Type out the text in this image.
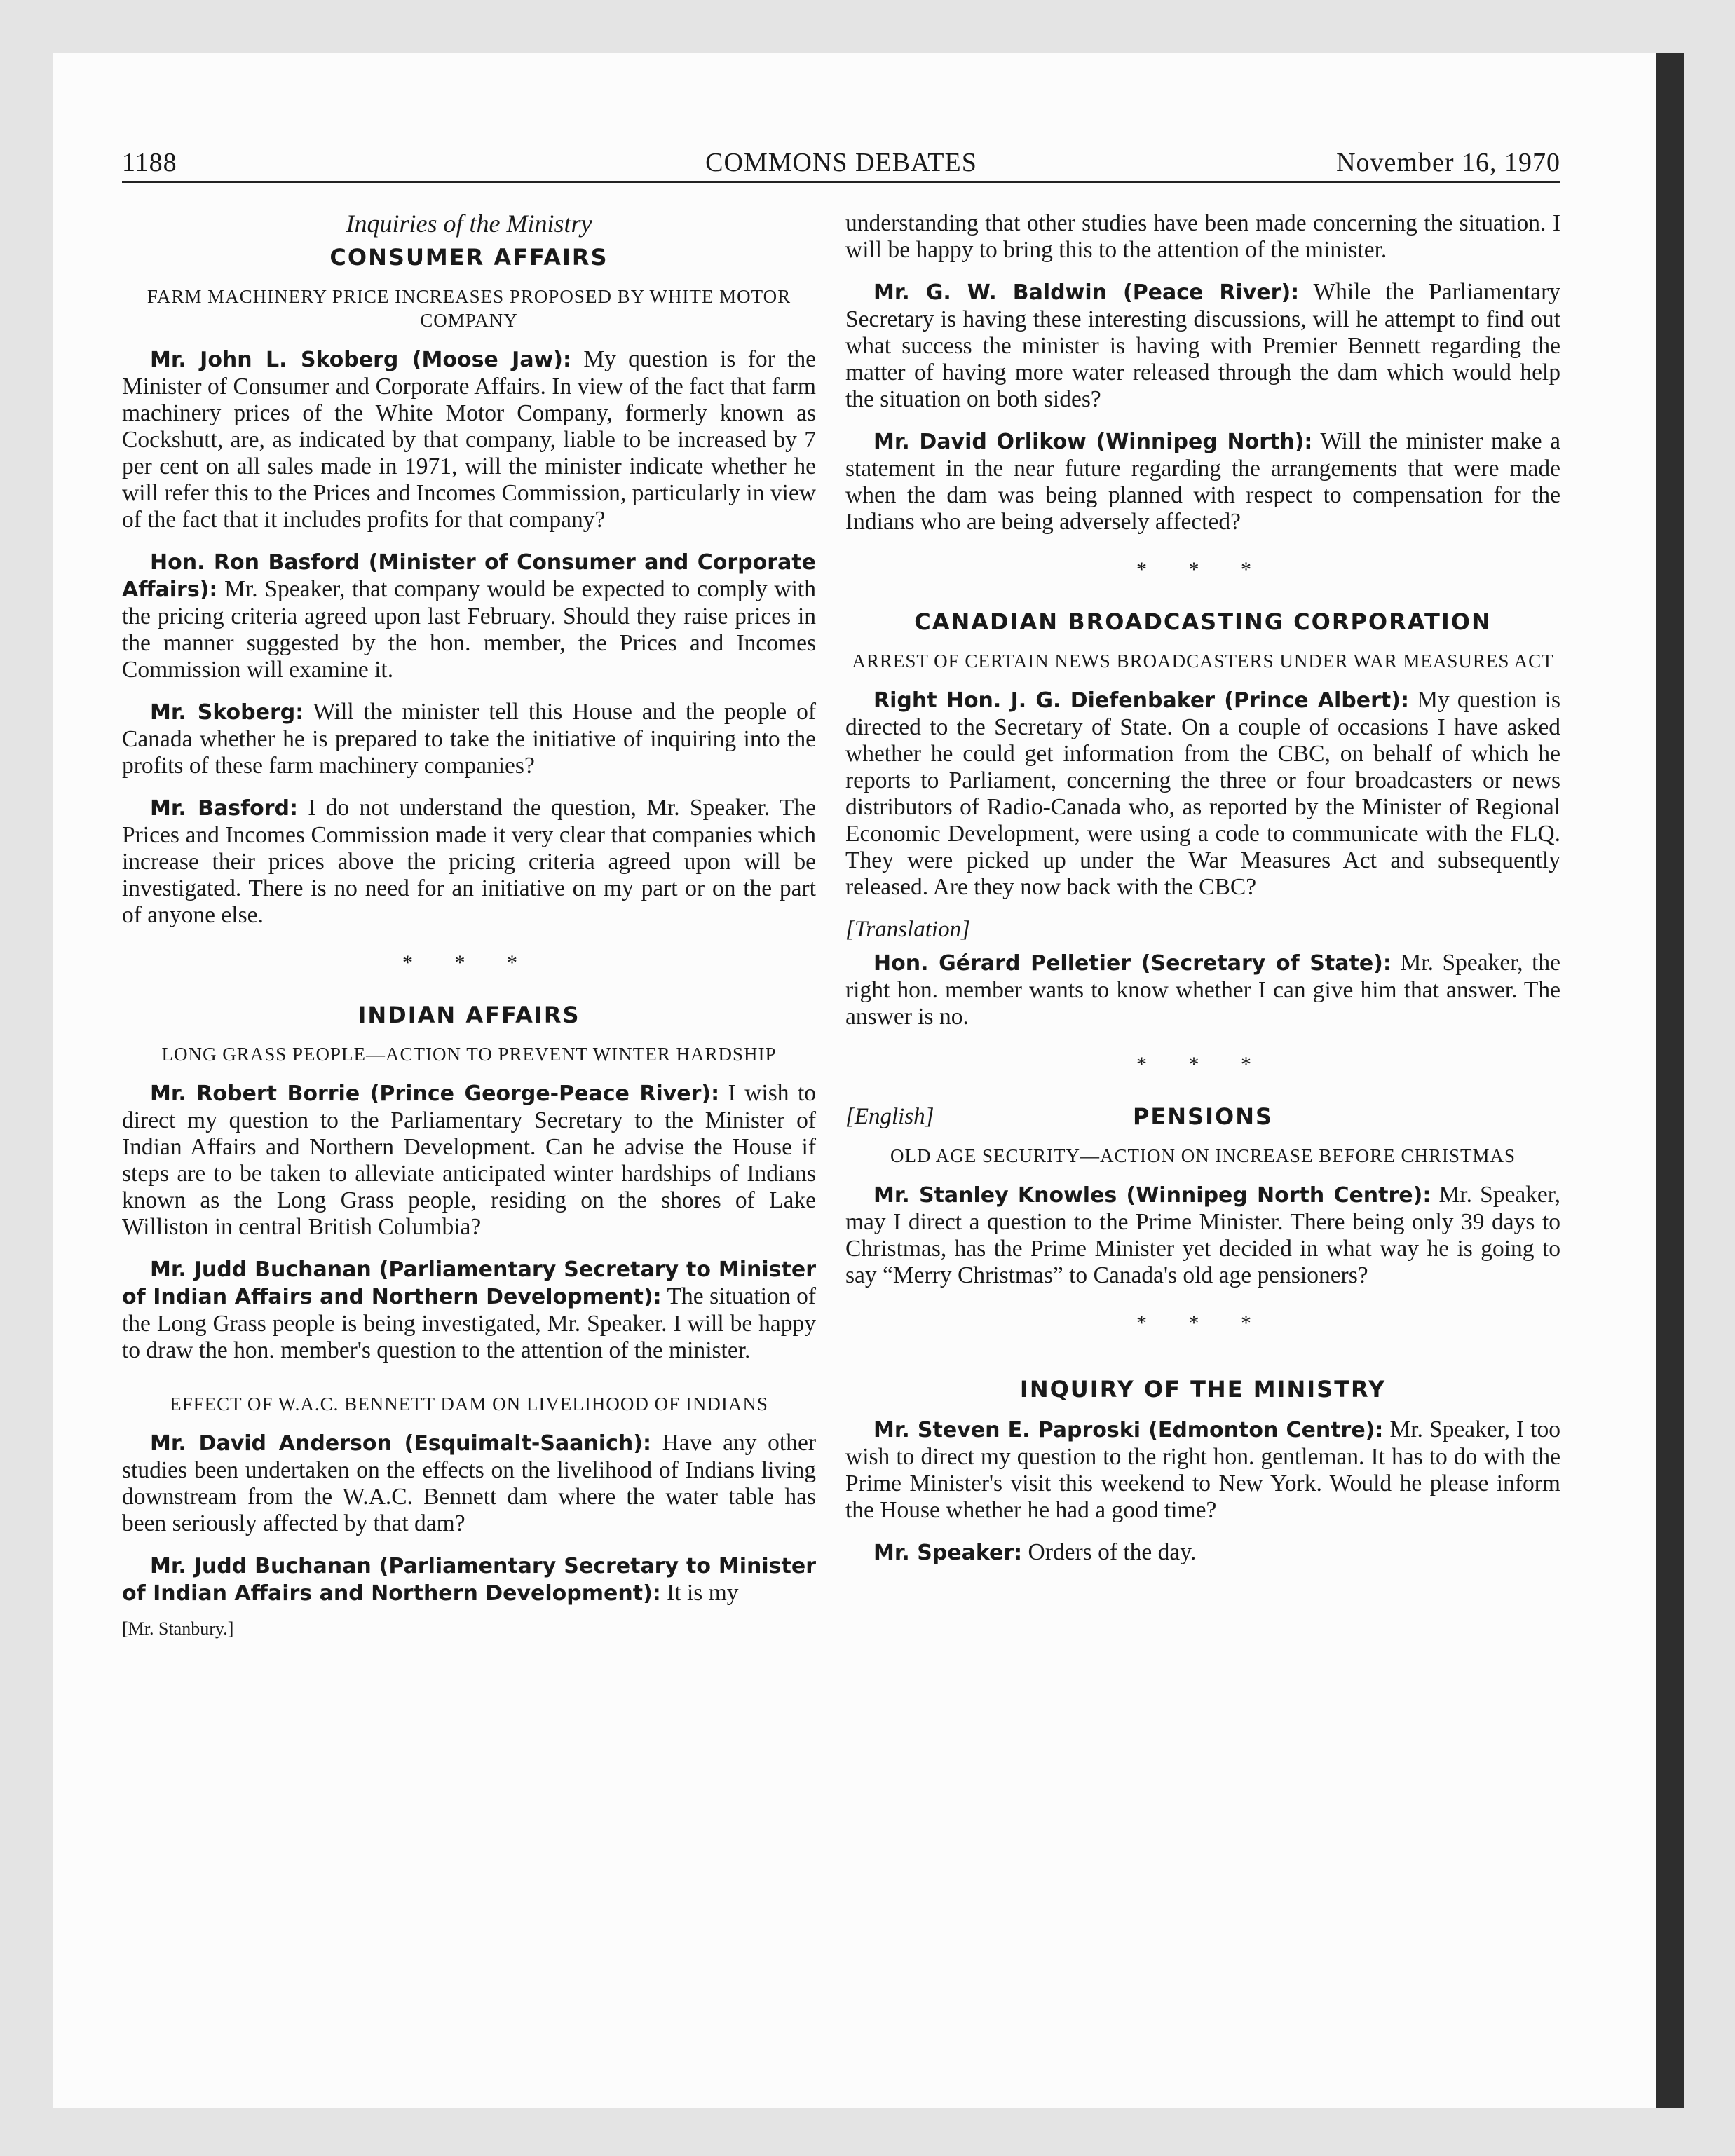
1188	COMMONS DEBATES	November 16, 1970
Inquiries of the Ministry
CONSUMER AFFAIRS
FARM MACHINERY PRICE INCREASES PROPOSED BY WHITE MOTOR COMPANY

Mr. John L. Skoberg (Moose Jaw): My question is for the Minister of Consumer and Corporate Affairs. In view of the fact that farm machinery prices of the White Motor Company, formerly known as Cockshutt, are, as indicated by that company, liable to be increased by 7 per cent on all sales made in 1971, will the minister indicate whether he will refer this to the Prices and Incomes Commission, particularly in view of the fact that it includes profits for that company?

Hon. Ron Basford (Minister of Consumer and Corporate Affairs): Mr. Speaker, that company would be expected to comply with the pricing criteria agreed upon last February. Should they raise prices in the manner suggested by the hon. member, the Prices and Incomes Commission will examine it.

Mr. Skoberg: Will the minister tell this House and the people of Canada whether he is prepared to take the initiative of inquiring into the profits of these farm machinery companies?

Mr. Basford: I do not understand the question, Mr. Speaker. The Prices and Incomes Commission made it very clear that companies which increase their prices above the pricing criteria agreed upon will be investigated. There is no need for an initiative on my part or on the part of anyone else.

* * *
INDIAN AFFAIRS
LONG GRASS PEOPLE—ACTION TO PREVENT WINTER HARDSHIP

Mr. Robert Borrie (Prince George-Peace River): I wish to direct my question to the Parliamentary Secretary to the Minister of Indian Affairs and Northern Development. Can he advise the House if steps are to be taken to alleviate anticipated winter hardships of Indians known as the Long Grass people, residing on the shores of Lake Williston in central British Columbia?

Mr. Judd Buchanan (Parliamentary Secretary to Minister of Indian Affairs and Northern Development): The situation of the Long Grass people is being investigated, Mr. Speaker. I will be happy to draw the hon. member's question to the attention of the minister.

EFFECT OF W.A.C. BENNETT DAM ON LIVELIHOOD OF INDIANS

Mr. David Anderson (Esquimalt-Saanich): Have any other studies been undertaken on the effects on the livelihood of Indians living downstream from the W.A.C. Bennett dam where the water table has been seriously affected by that dam?

Mr. Judd Buchanan (Parliamentary Secretary to Minister of Indian Affairs and Northern Development): It is my

[Mr. Stanbury.]

understanding that other studies have been made concerning the situation. I will be happy to bring this to the attention of the minister.

Mr. G. W. Baldwin (Peace River): While the Parliamentary Secretary is having these interesting discussions, will he attempt to find out what success the minister is having with Premier Bennett regarding the matter of having more water released through the dam which would help the situation on both sides?

Mr. David Orlikow (Winnipeg North): Will the minister make a statement in the near future regarding the arrangements that were made when the dam was being planned with respect to compensation for the Indians who are being adversely affected?

* * *
CANADIAN BROADCASTING CORPORATION
ARREST OF CERTAIN NEWS BROADCASTERS UNDER WAR MEASURES ACT

Right Hon. J. G. Diefenbaker (Prince Albert): My question is directed to the Secretary of State. On a couple of occasions I have asked whether he could get information from the CBC, on behalf of which he reports to Parliament, concerning the three or four broadcasters or news distributors of Radio-Canada who, as reported by the Minister of Regional Economic Development, were using a code to communicate with the FLQ. They were picked up under the War Measures Act and subsequently released. Are they now back with the CBC?

[Translation]

Hon. Gérard Pelletier (Secretary of State): Mr. Speaker, the right hon. member wants to know whether I can give him that answer. The answer is no.

* * *
[English]	PENSIONS
OLD AGE SECURITY—ACTION ON INCREASE BEFORE CHRISTMAS

Mr. Stanley Knowles (Winnipeg North Centre): Mr. Speaker, may I direct a question to the Prime Minister. There being only 39 days to Christmas, has the Prime Minister yet decided in what way he is going to say “Merry Christmas” to Canada's old age pensioners?

* * *
INQUIRY OF THE MINISTRY

Mr. Steven E. Paproski (Edmonton Centre): Mr. Speaker, I too wish to direct my question to the right hon. gentleman. It has to do with the Prime Minister's visit this weekend to New York. Would he please inform the House whether he had a good time?

Mr. Speaker: Orders of the day.
